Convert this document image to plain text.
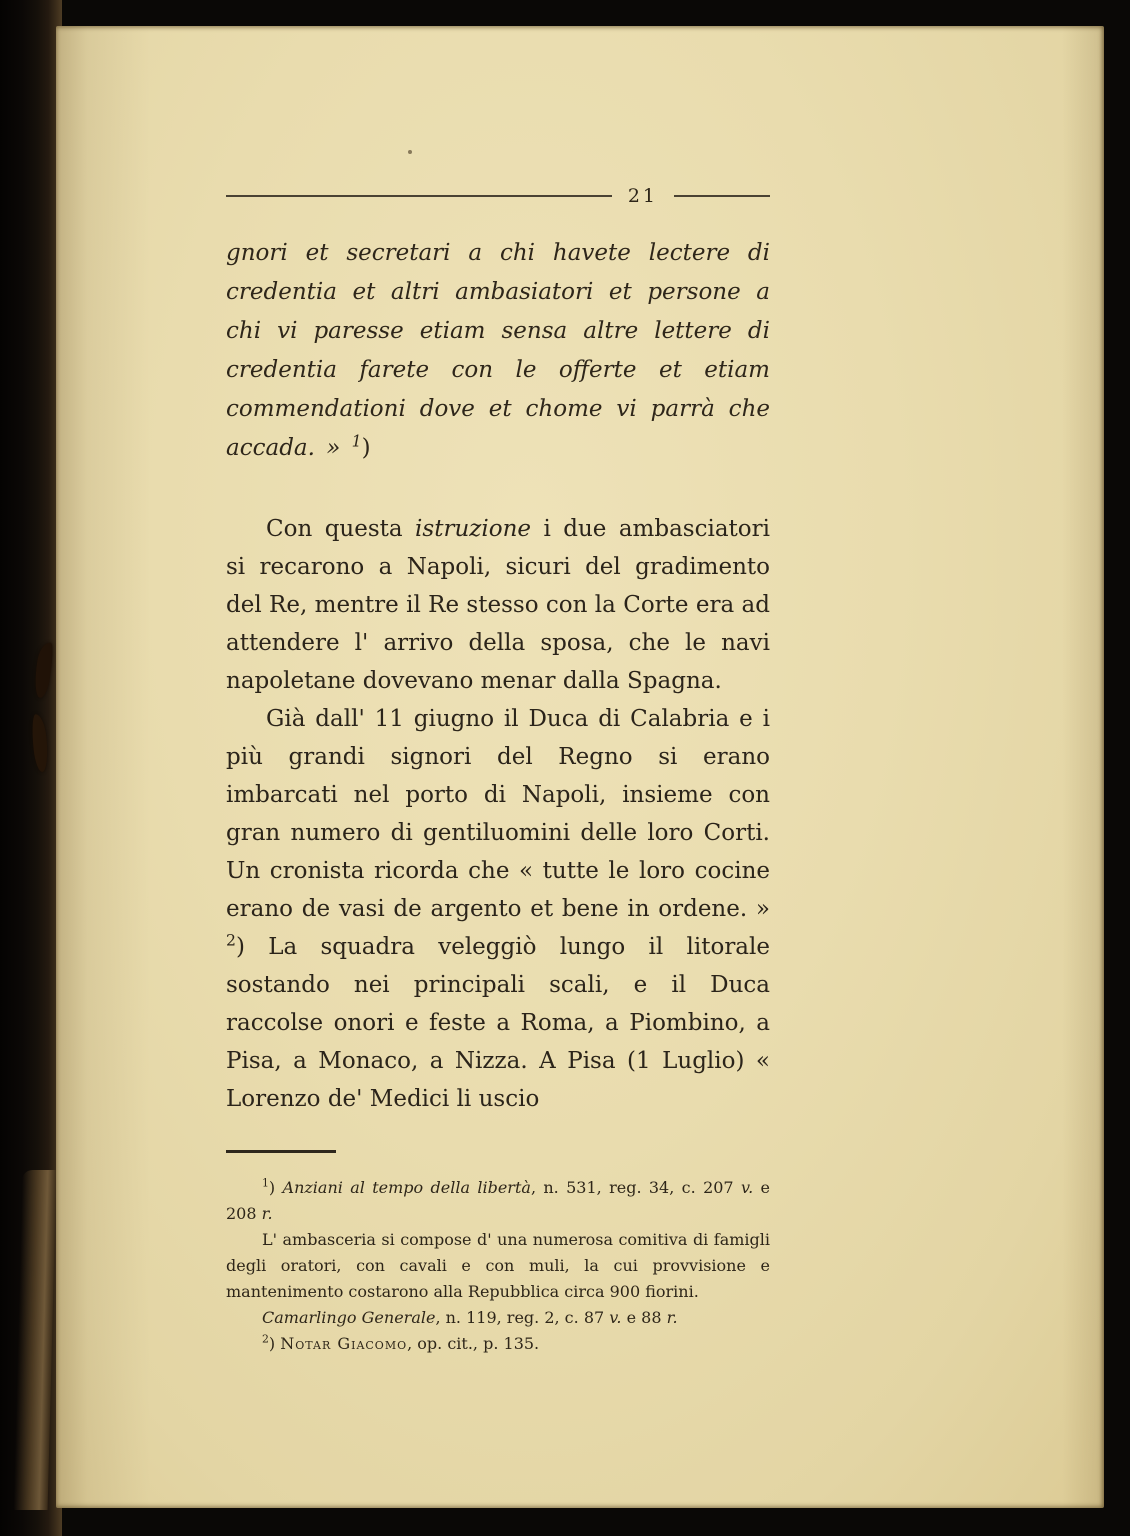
21
gnori et secretari a chi havete lectere di credentia et altri ambasiatori et persone a chi vi paresse etiam sensa altre lettere di credentia farete con le offerte et etiam commendationi dove et chome vi parrà che accada. » $^1$)
Con questa istruzione i due ambasciatori si recarono a Napoli, sicuri del gradimento del Re, mentre il Re stesso con la Corte era ad attendere l' arrivo della sposa, che le navi napoletane dovevano menar dalla Spagna.
Già dall' 11 giugno il Duca di Calabria e i più grandi signori del Regno si erano imbarcati nel porto di Napoli, insieme con gran numero di gentiluomini delle loro Corti. Un cronista ricorda che « tutte le loro cocine erano de vasi de argento et bene in ordene. » $^2$) La squadra veleggiò lungo il litorale sostando nei principali scali, e il Duca raccolse onori e feste a Roma, a Piombino, a Pisa, a Monaco, a Nizza. A Pisa (1 Luglio) « Lorenzo de' Medici li uscio
$^1$) Anziani al tempo della libertà, n. 531, reg. 34, c. 207 v. e 208 r.
L' ambasceria si compose d' una numerosa comitiva di famigli degli oratori, con cavali e con muli, la cui provvisione e mantenimento costarono alla Repubblica circa 900 fiorini.
Camarlingo Generale, n. 119, reg. 2, c. 87 v. e 88 r.
$^2$) Notar Giacomo, op. cit., p. 135.
